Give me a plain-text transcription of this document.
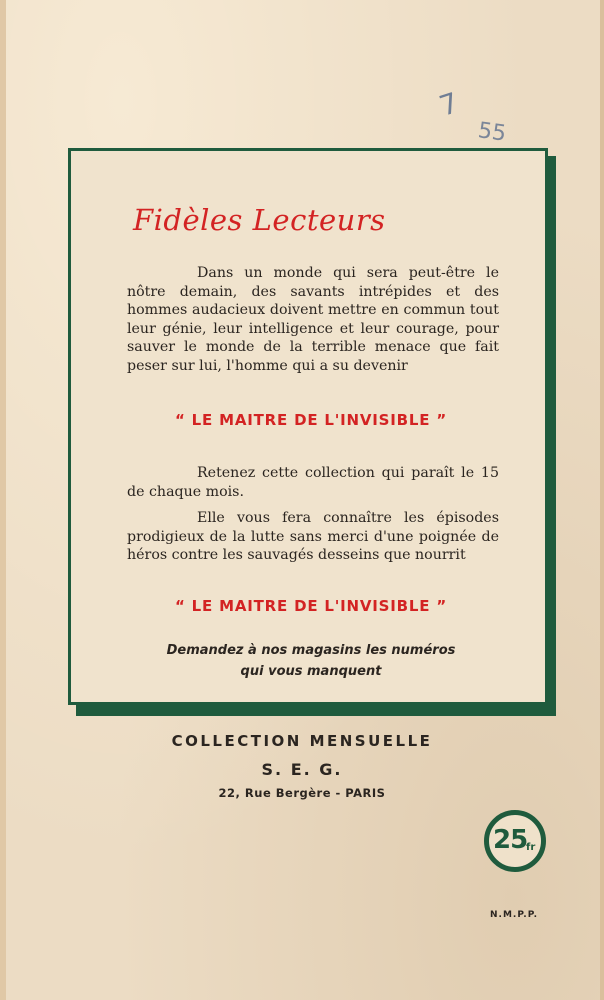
7
55
Fidèles Lecteurs
Dans un monde qui sera peut-être le nôtre demain, des savants intrépides et des hommes audacieux doivent mettre en commun tout leur génie, leur intelligence et leur courage, pour sauver le monde de la terrible menace que fait peser sur lui, l'homme qui a su devenir
“ LE MAITRE DE L'INVISIBLE ”
Retenez cette collection qui paraît le 15 de chaque mois.
Elle vous fera connaître les épisodes prodigieux de la lutte sans merci d'une poignée de héros contre les sauvagés desseins que nourrit
“ LE MAITRE DE L'INVISIBLE ”
Demandez à nos magasins les numéros
qui vous manquent
COLLECTION MENSUELLE
S. E. G.
22, Rue Bergère - PARIS
25
fr
N.M.P.P.
